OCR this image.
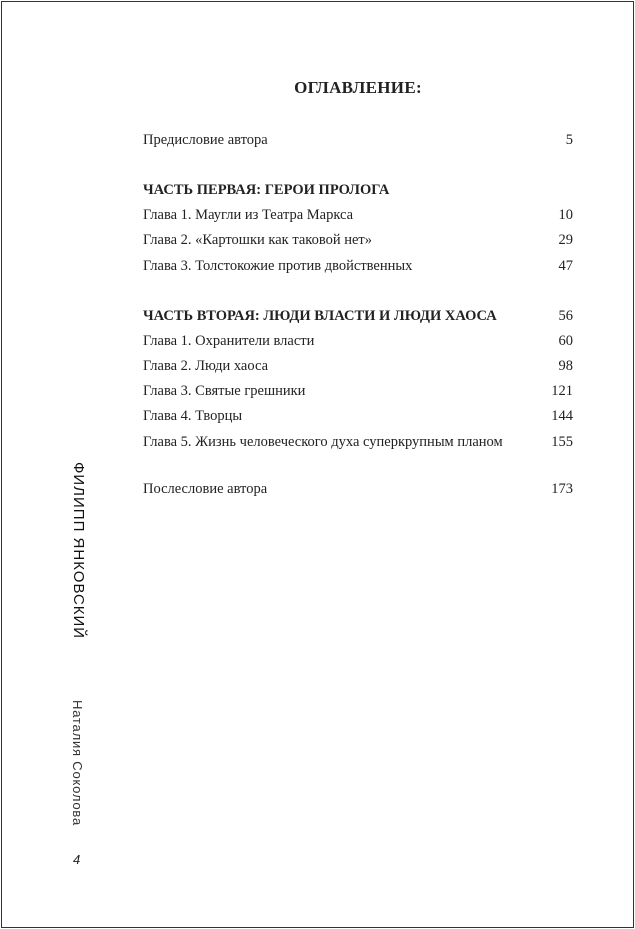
ОГЛАВЛЕНИЕ:
Предисловие автора	5
ЧАСТЬ ПЕРВАЯ: ГЕРОИ ПРОЛОГА
Глава 1. Маугли из Театра Маркса	10
Глава 2. «Картошки как таковой нет»	29
Глава 3. Толстокожие против двойственных	47
ЧАСТЬ ВТОРАЯ: ЛЮДИ ВЛАСТИ И ЛЮДИ ХАОСА	56
Глава 1. Охранители власти	60
Глава 2. Люди хаоса	98
Глава 3. Святые грешники	121
Глава 4. Творцы	144
Глава 5. Жизнь человеческого духа суперкрупным планом	155
Послесловие автора	173
ФИЛИПП ЯНКОВСКИЙ
Наталия Соколова
4
